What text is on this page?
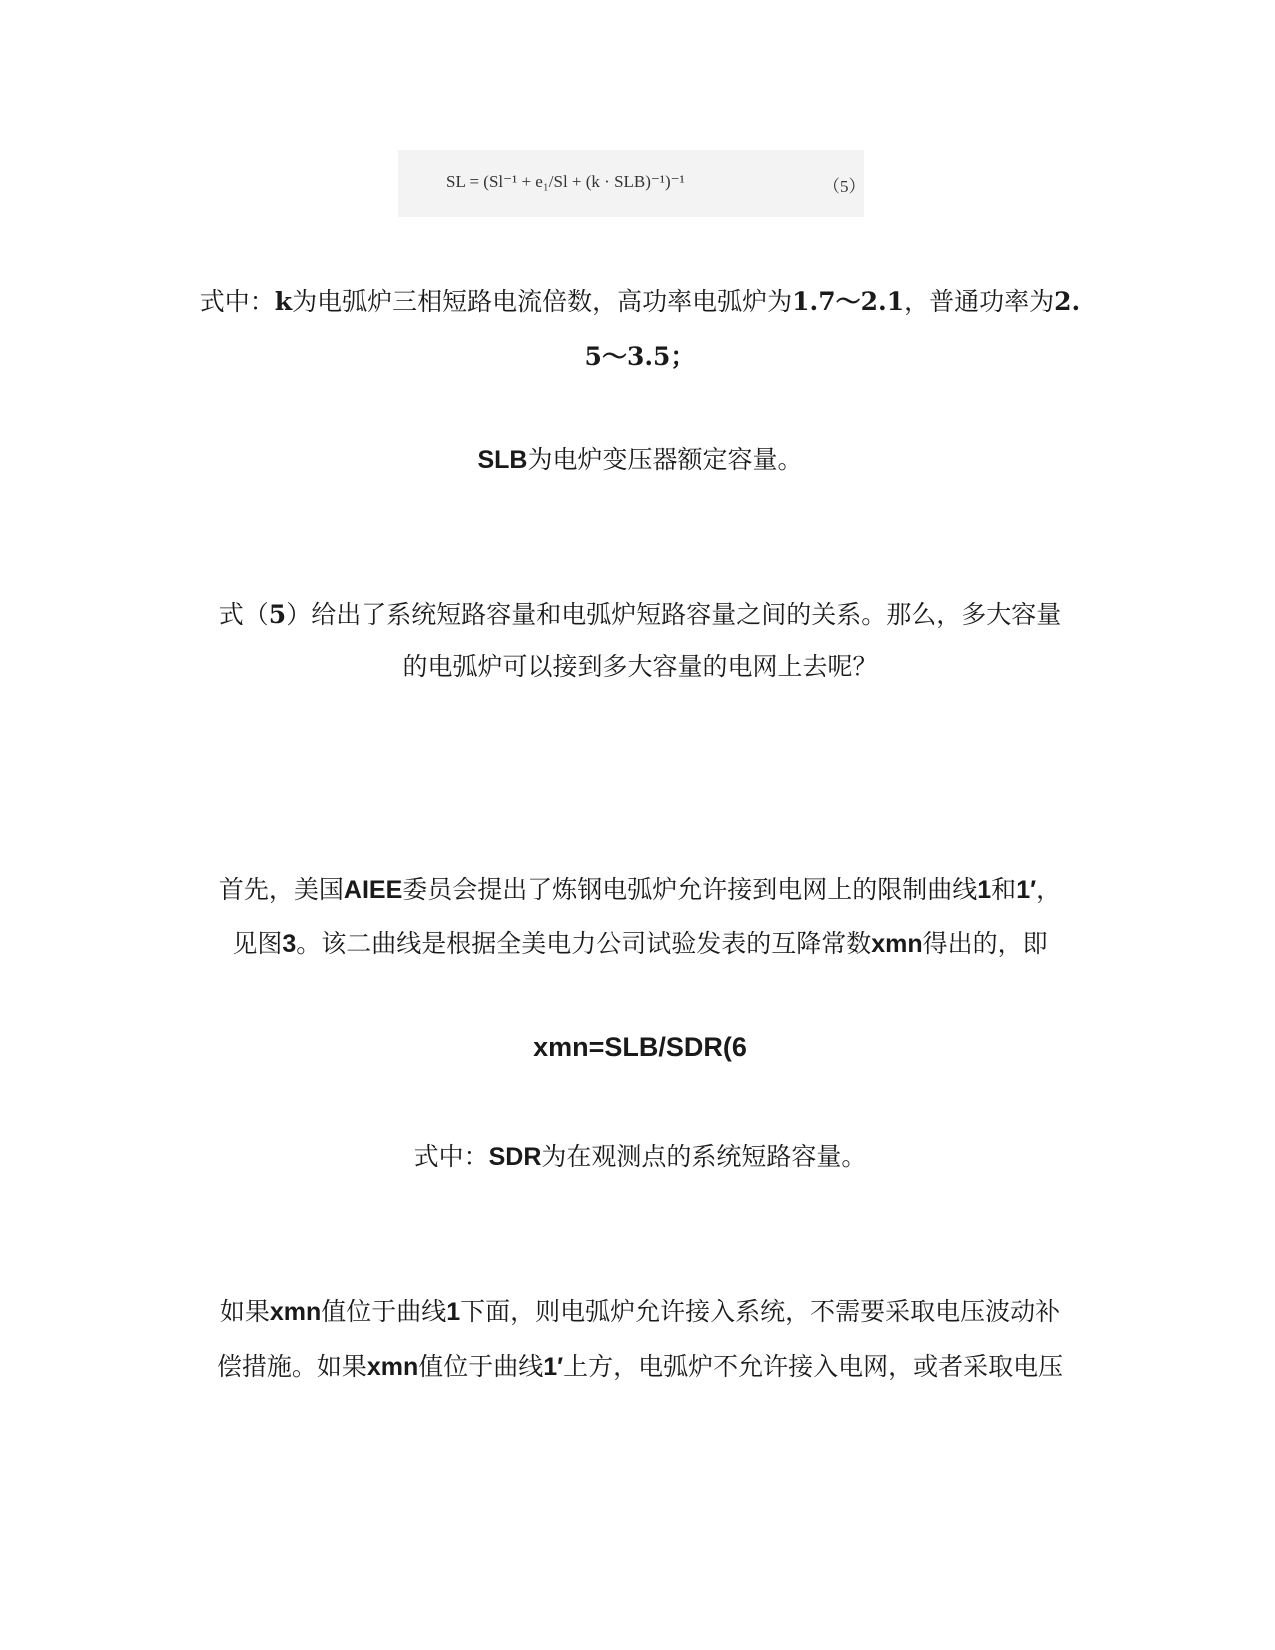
SL = (Sl⁻¹ + e₁/Sl + (k · SLB)⁻¹)⁻¹	（5）
式中：k为电弧炉三相短路电流倍数，高功率电弧炉为1.7～2.1，普通功率为2.
5～3.5；
SLB为电炉变压器额定容量。
式（5）给出了系统短路容量和电弧炉短路容量之间的关系。那么，多大容量
的电弧炉可以接到多大容量的电网上去呢？
首先，美国AIEE委员会提出了炼钢电弧炉允许接到电网上的限制曲线1和1′，
见图3。该二曲线是根据全美电力公司试验发表的互降常数xmn得出的，即
xmn=SLB/SDR(6
式中：SDR为在观测点的系统短路容量。
如果xmn值位于曲线1下面，则电弧炉允许接入系统，不需要采取电压波动补
偿措施。如果xmn值位于曲线1′上方，电弧炉不允许接入电网，或者采取电压
